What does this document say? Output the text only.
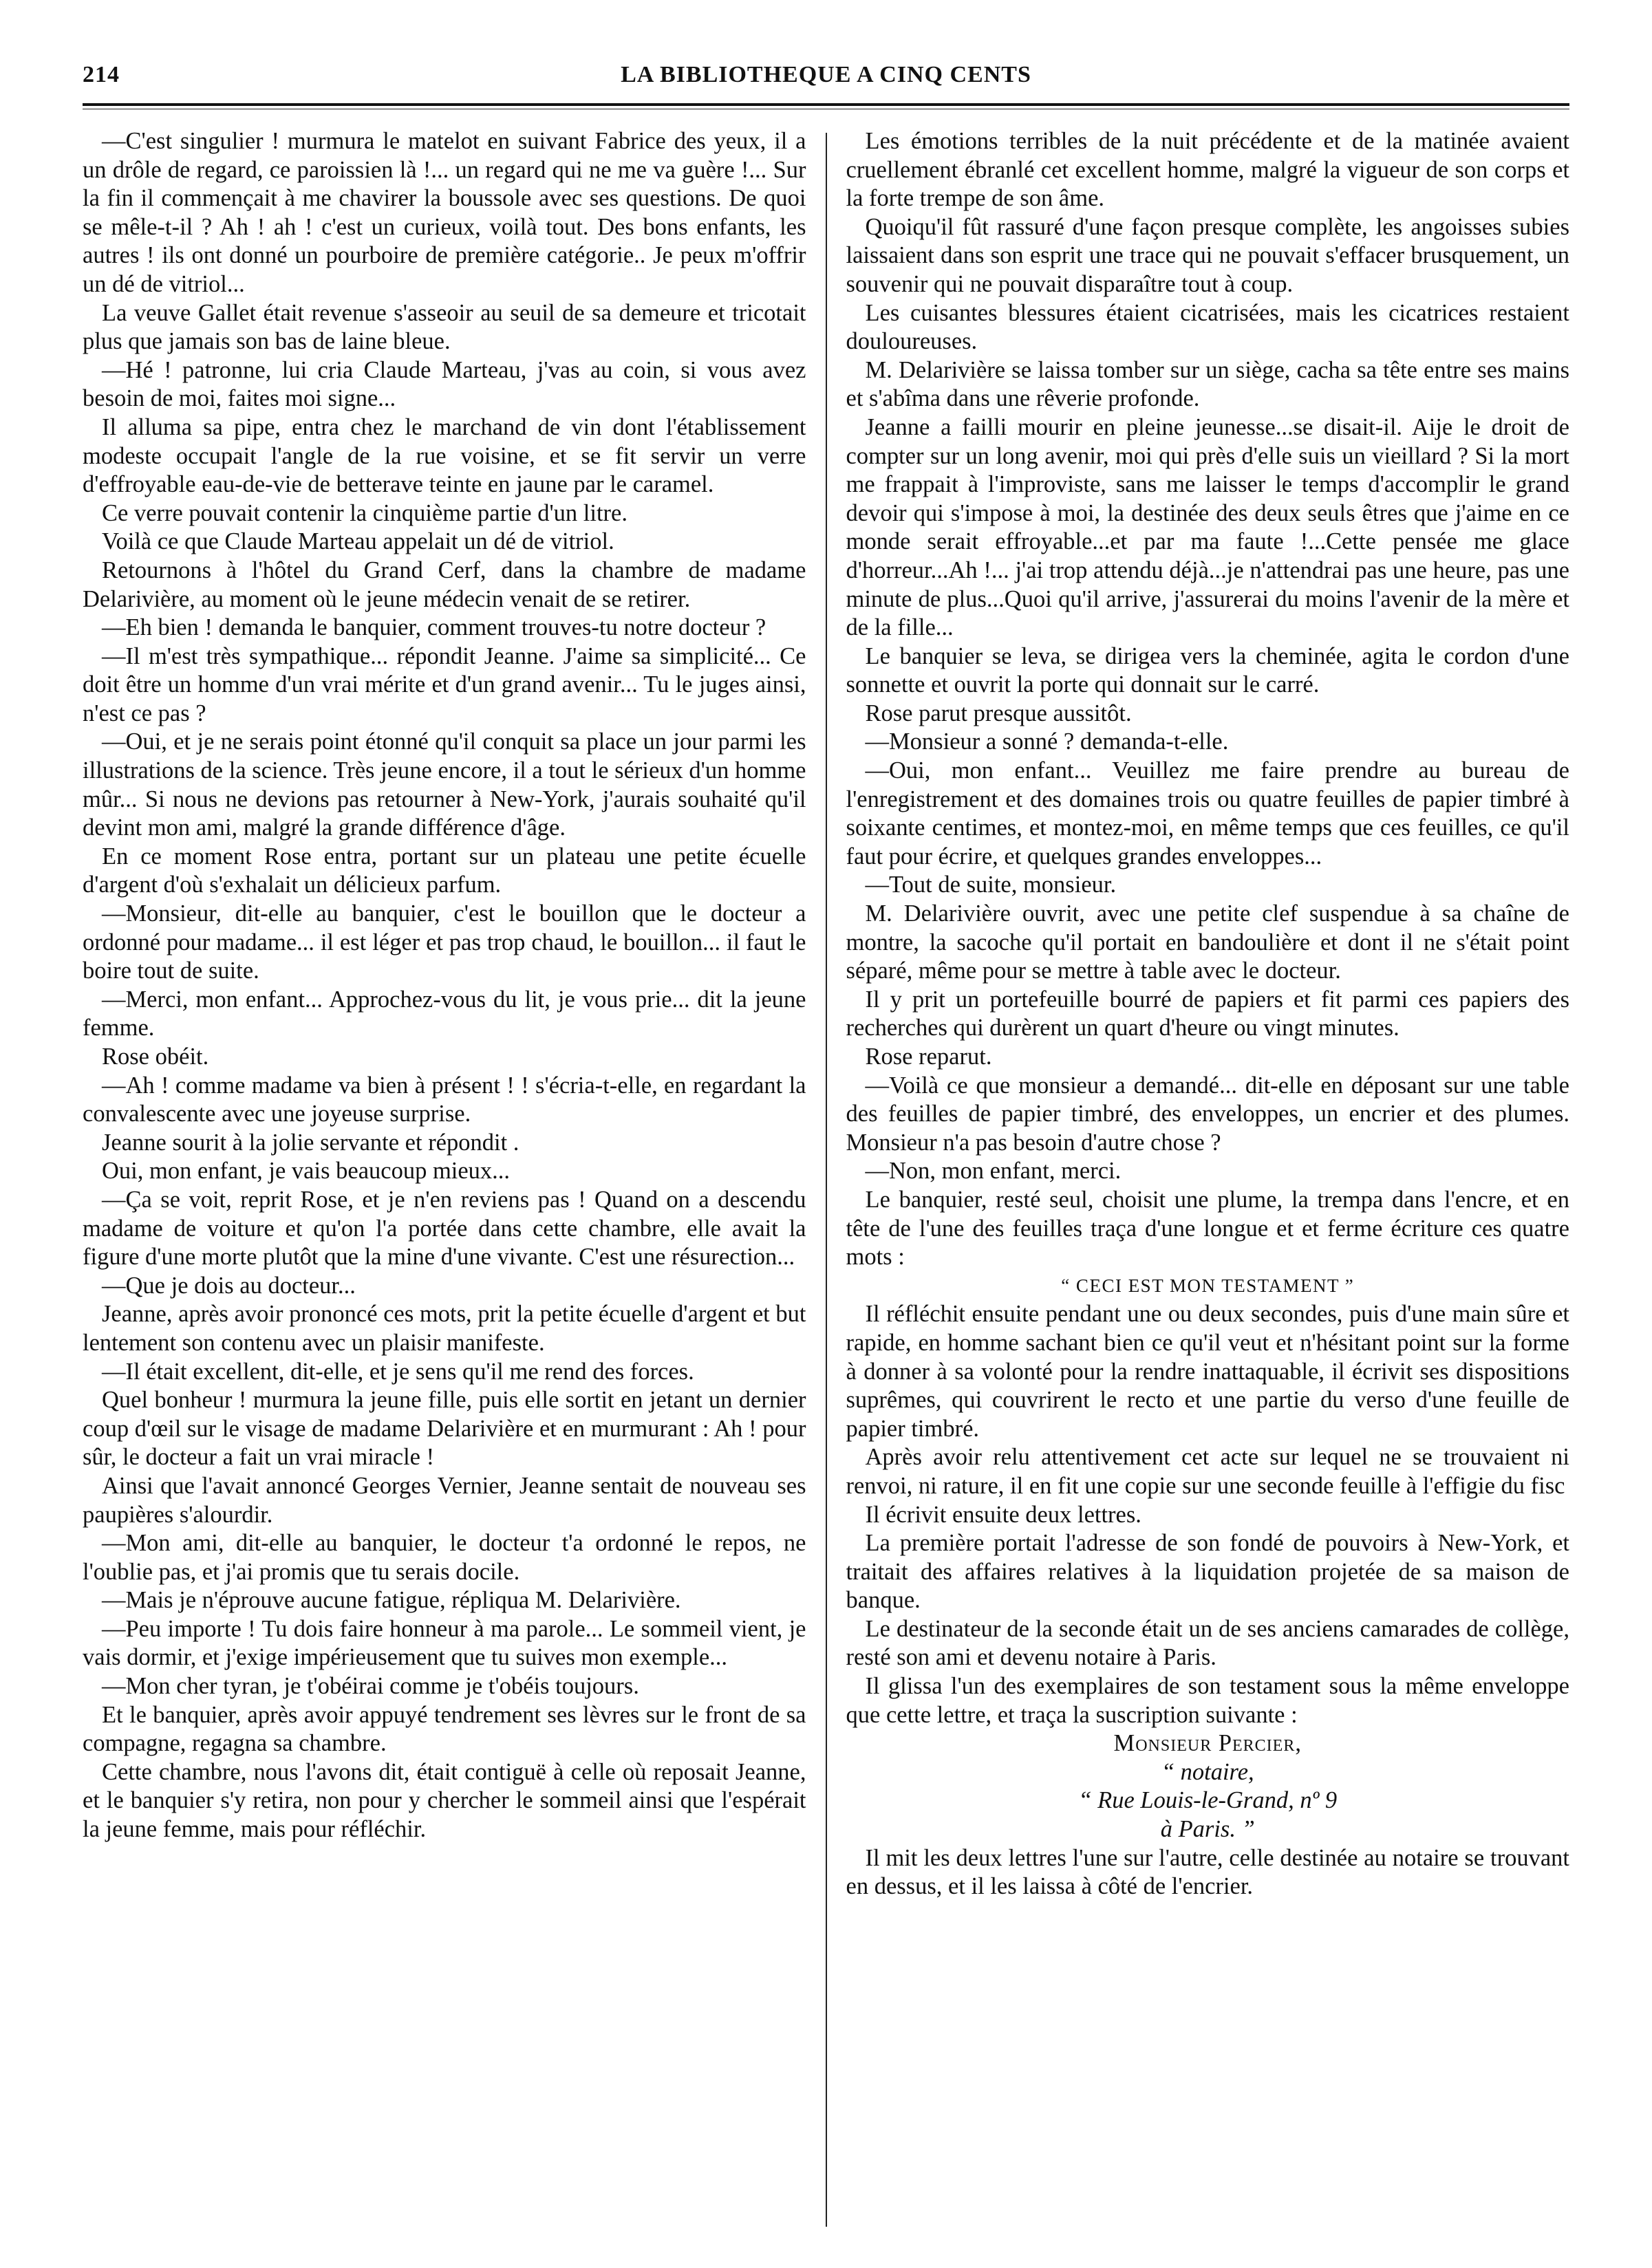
214	LA BIBLIOTHEQUE A CINQ CENTS

—C'est singulier ! murmura le matelot en suivant Fabrice des yeux, il a un drôle de regard, ce paroissien là !... un regard qui ne me va guère !... Sur la fin il commençait à me chavirer la boussole avec ses questions. De quoi se mêle-t-il ? Ah ! ah ! c'est un curieux, voilà tout. Des bons enfants, les autres ! ils ont donné un pourboire de première catégorie.. Je peux m'offrir un dé de vitriol...

La veuve Gallet était revenue s'asseoir au seuil de sa demeure et tricotait plus que jamais son bas de laine bleue.

—Hé ! patronne, lui cria Claude Marteau, j'vas au coin, si vous avez besoin de moi, faites moi signe...

Il alluma sa pipe, entra chez le marchand de vin dont l'établissement modeste occupait l'angle de la rue voisine, et se fit servir un verre d'effroyable eau-de-vie de betterave teinte en jaune par le caramel.

Ce verre pouvait contenir la cinquième partie d'un litre.

Voilà ce que Claude Marteau appelait un dé de vitriol.

Retournons à l'hôtel du Grand Cerf, dans la chambre de madame Delarivière, au moment où le jeune médecin venait de se retirer.

—Eh bien ! demanda le banquier, comment trouves-tu notre docteur ?

—Il m'est très sympathique... répondit Jeanne. J'aime sa simplicité... Ce doit être un homme d'un vrai mérite et d'un grand avenir... Tu le juges ainsi, n'est ce pas ?

—Oui, et je ne serais point étonné qu'il conquit sa place un jour parmi les illustrations de la science. Très jeune encore, il a tout le sérieux d'un homme mûr... Si nous ne devions pas retourner à New-York, j'aurais souhaité qu'il devint mon ami, malgré la grande différence d'âge.

En ce moment Rose entra, portant sur un plateau une petite écuelle d'argent d'où s'exhalait un délicieux parfum.

—Monsieur, dit-elle au banquier, c'est le bouillon que le docteur a ordonné pour madame... il est léger et pas trop chaud, le bouillon... il faut le boire tout de suite.

—Merci, mon enfant... Approchez-vous du lit, je vous prie... dit la jeune femme.

Rose obéit.

—Ah ! comme madame va bien à présent ! ! s'écria-t-elle, en regardant la convalescente avec une joyeuse surprise.

Jeanne sourit à la jolie servante et répondit .

Oui, mon enfant, je vais beaucoup mieux...

—Ça se voit, reprit Rose, et je n'en reviens pas ! Quand on a descendu madame de voiture et qu'on l'a portée dans cette chambre, elle avait la figure d'une morte plutôt que la mine d'une vivante. C'est une résurection...

—Que je dois au docteur...

Jeanne, après avoir prononcé ces mots, prit la petite écuelle d'argent et but lentement son contenu avec un plaisir manifeste.

—Il était excellent, dit-elle, et je sens qu'il me rend des forces.

Quel bonheur ! murmura la jeune fille, puis elle sortit en jetant un dernier coup d'œil sur le visage de madame Delarivière et en murmurant : Ah ! pour sûr, le docteur a fait un vrai miracle !

Ainsi que l'avait annoncé Georges Vernier, Jeanne sentait de nouveau ses paupières s'alourdir.

—Mon ami, dit-elle au banquier, le docteur t'a ordonné le repos, ne l'oublie pas, et j'ai promis que tu serais docile.

—Mais je n'éprouve aucune fatigue, répliqua M. Delarivière.

—Peu importe ! Tu dois faire honneur à ma parole... Le sommeil vient, je vais dormir, et j'exige impérieusement que tu suives mon exemple...

—Mon cher tyran, je t'obéirai comme je t'obéis toujours.

Et le banquier, après avoir appuyé tendrement ses lèvres sur le front de sa compagne, regagna sa chambre.

Cette chambre, nous l'avons dit, était contiguë à celle où reposait Jeanne, et le banquier s'y retira, non pour y chercher le sommeil ainsi que l'espérait la jeune femme, mais pour réfléchir.

Les émotions terribles de la nuit précédente et de la matinée avaient cruellement ébranlé cet excellent homme, malgré la vigueur de son corps et la forte trempe de son âme.

Quoiqu'il fût rassuré d'une façon presque complète, les angoisses subies laissaient dans son esprit une trace qui ne pouvait s'effacer brusquement, un souvenir qui ne pouvait disparaître tout à coup.

Les cuisantes blessures étaient cicatrisées, mais les cicatrices restaient douloureuses.

M. Delarivière se laissa tomber sur un siège, cacha sa tête entre ses mains et s'abîma dans une rêverie profonde.

Jeanne a failli mourir en pleine jeunesse...se disait-il. Aije le droit de compter sur un long avenir, moi qui près d'elle suis un vieillard ? Si la mort me frappait à l'improviste, sans me laisser le temps d'accomplir le grand devoir qui s'impose à moi, la destinée des deux seuls êtres que j'aime en ce monde serait effroyable...et par ma faute !...Cette pensée me glace d'horreur...Ah !... j'ai trop attendu déjà...je n'attendrai pas une heure, pas une minute de plus...Quoi qu'il arrive, j'assurerai du moins l'avenir de la mère et de la fille...

Le banquier se leva, se dirigea vers la cheminée, agita le cordon d'une sonnette et ouvrit la porte qui donnait sur le carré.

Rose parut presque aussitôt.

—Monsieur a sonné ? demanda-t-elle.

—Oui, mon enfant... Veuillez me faire prendre au bureau de l'enregistrement et des domaines trois ou quatre feuilles de papier timbré à soixante centimes, et montez-moi, en même temps que ces feuilles, ce qu'il faut pour écrire, et quelques grandes enveloppes...

—Tout de suite, monsieur.

M. Delarivière ouvrit, avec une petite clef suspendue à sa chaîne de montre, la sacoche qu'il portait en bandoulière et dont il ne s'était point séparé, même pour se mettre à table avec le docteur.

Il y prit un portefeuille bourré de papiers et fit parmi ces papiers des recherches qui durèrent un quart d'heure ou vingt minutes.

Rose reparut.

—Voilà ce que monsieur a demandé... dit-elle en déposant sur une table des feuilles de papier timbré, des enveloppes, un encrier et des plumes. Monsieur n'a pas besoin d'autre chose ?

—Non, mon enfant, merci.

Le banquier, resté seul, choisit une plume, la trempa dans l'encre, et en tête de l'une des feuilles traça d'une longue et et ferme écriture ces quatre mots :

“ CECI EST MON TESTAMENT ”

Il réfléchit ensuite pendant une ou deux secondes, puis d'une main sûre et rapide, en homme sachant bien ce qu'il veut et n'hésitant point sur la forme à donner à sa volonté pour la rendre inattaquable, il écrivit ses dispositions suprêmes, qui couvrirent le recto et une partie du verso d'une feuille de papier timbré.

Après avoir relu attentivement cet acte sur lequel ne se trouvaient ni renvoi, ni rature, il en fit une copie sur une seconde feuille à l'effigie du fisc

Il écrivit ensuite deux lettres.

La première portait l'adresse de son fondé de pouvoirs à New-York, et traitait des affaires relatives à la liquidation projetée de sa maison de banque.

Le destinateur de la seconde était un de ses anciens camarades de collège, resté son ami et devenu notaire à Paris.

Il glissa l'un des exemplaires de son testament sous la même enveloppe que cette lettre, et traça la suscription suivante :

Monsieur Percier,

“ notaire,

“ Rue Louis-le-Grand, nº 9

à Paris. ”

Il mit les deux lettres l'une sur l'autre, celle destinée au notaire se trouvant en dessus, et il les laissa à côté de l'encrier.
